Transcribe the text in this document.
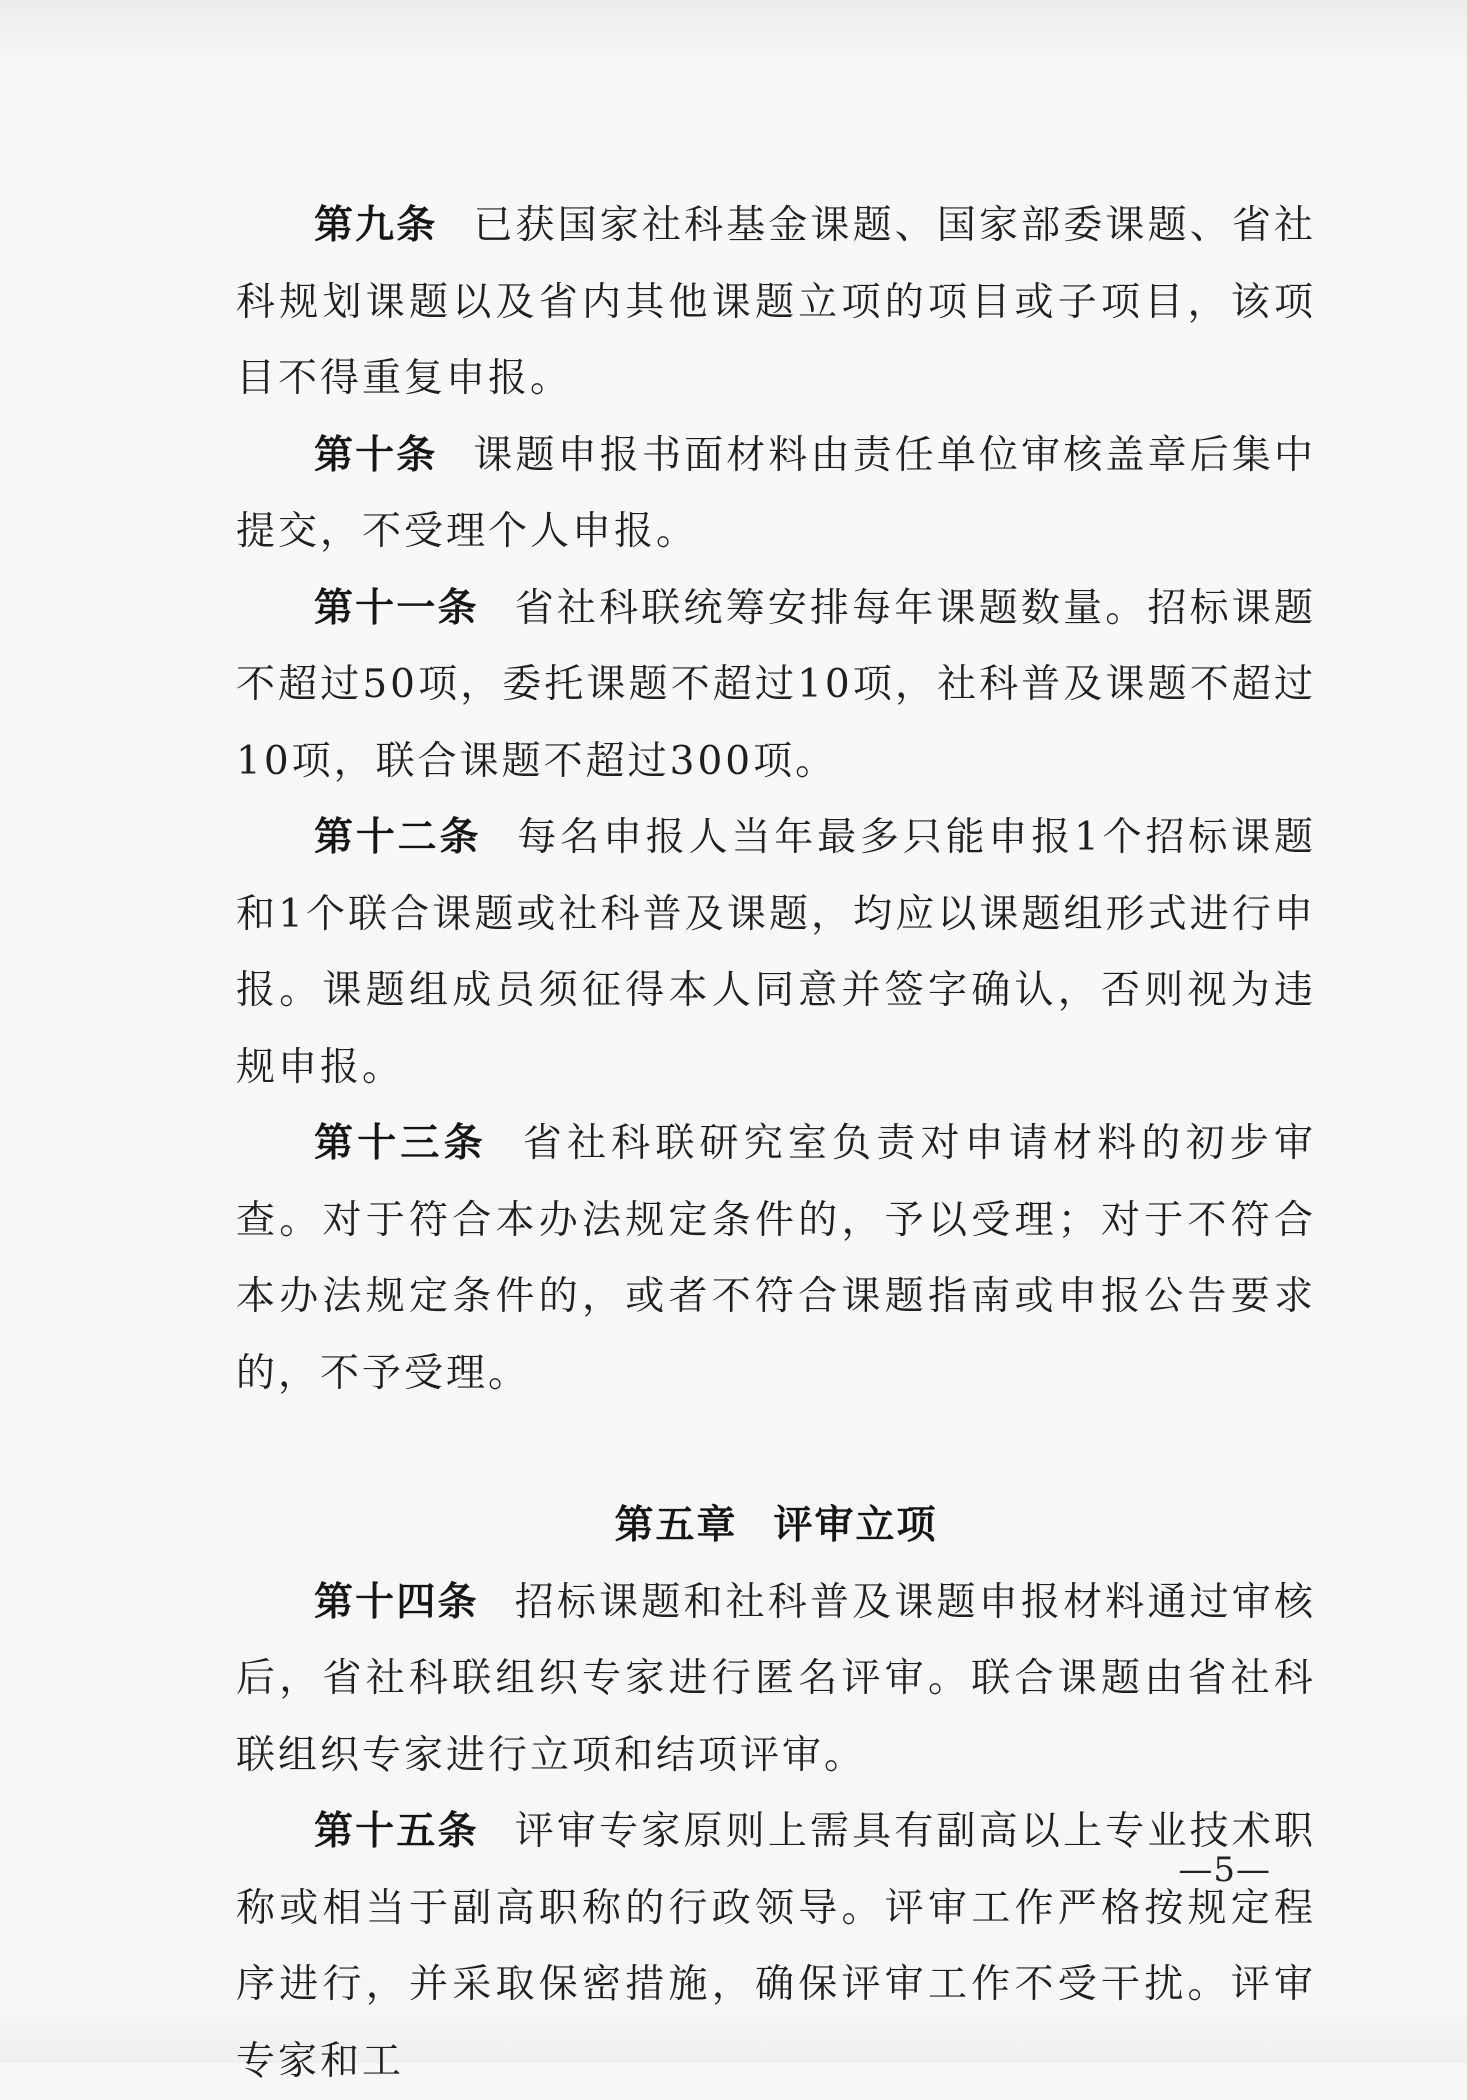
第九条 已获国家社科基金课题、国家部委课题、省社科规划课题以及省内其他课题立项的项目或子项目，该项目不得重复申报。

第十条 课题申报书面材料由责任单位审核盖章后集中提交，不受理个人申报。

第十一条 省社科联统筹安排每年课题数量。招标课题不超过50项，委托课题不超过10项，社科普及课题不超过10项，联合课题不超过300项。

第十二条 每名申报人当年最多只能申报1个招标课题和1个联合课题或社科普及课题，均应以课题组形式进行申报。课题组成员须征得本人同意并签字确认，否则视为违规申报。

第十三条 省社科联研究室负责对申请材料的初步审查。对于符合本办法规定条件的，予以受理；对于不符合本办法规定条件的，或者不符合课题指南或申报公告要求的，不予受理。

第五章 评审立项

第十四条 招标课题和社科普及课题申报材料通过审核后，省社科联组织专家进行匿名评审。联合课题由省社科联组织专家进行立项和结项评审。

第十五条 评审专家原则上需具有副高以上专业技术职称或相当于副高职称的行政领导。评审工作严格按规定程序进行，并采取保密措施，确保评审工作不受干扰。评审专家和工

—5—
